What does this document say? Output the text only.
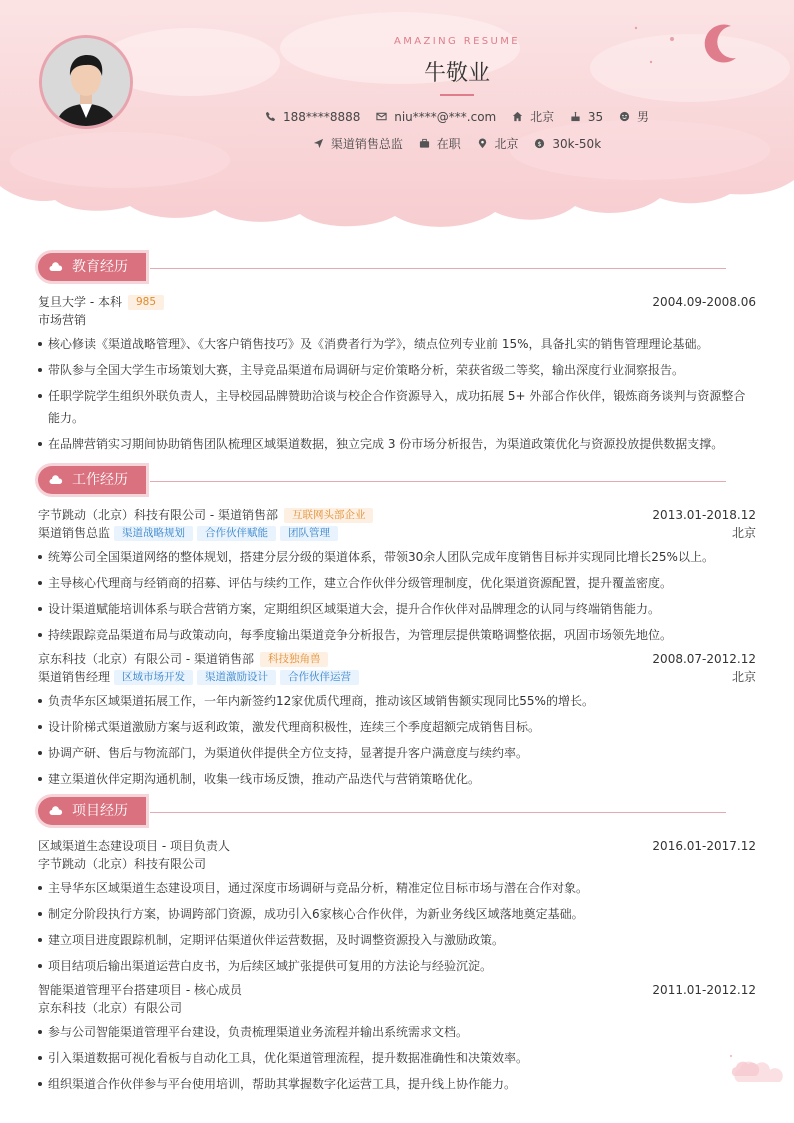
AMAZING RESUME
牛敬业
188****8888
	niu****@***.com
	北京
	35
	男
渠道销售总监
	在职
	北京
	$ 30k-50k
教育经历
复旦大学 - 本科 985	2004.09-2008.06
市场营销
核心修读《渠道战略管理》、《大客户销售技巧》及《消费者行为学》，绩点位列专业前 15%，具备扎实的销售管理理论基础。
带队参与全国大学生市场策划大赛，主导竞品渠道布局调研与定价策略分析，荣获省级二等奖，输出深度行业洞察报告。
任职学院学生组织外联负责人，主导校园品牌赞助洽谈与校企合作资源导入，成功拓展 5+ 外部合作伙伴，锻炼商务谈判与资源整合能力。
在品牌营销实习期间协助销售团队梳理区域渠道数据，独立完成 3 份市场分析报告，为渠道政策优化与资源投放提供数据支撑。
工作经历
字节跳动（北京）科技有限公司 - 渠道销售部 互联网头部企业	2013.01-2018.12
渠道销售总监 渠道战略规划 合作伙伴赋能 团队管理	北京
统筹公司全国渠道网络的整体规划，搭建分层分级的渠道体系，带领30余人团队完成年度销售目标并实现同比增长25%以上。
主导核心代理商与经销商的招募、评估与续约工作，建立合作伙伴分级管理制度，优化渠道资源配置，提升覆盖密度。
设计渠道赋能培训体系与联合营销方案，定期组织区域渠道大会，提升合作伙伴对品牌理念的认同与终端销售能力。
持续跟踪竞品渠道布局与政策动向，每季度输出渠道竞争分析报告，为管理层提供策略调整依据，巩固市场领先地位。
京东科技（北京）有限公司 - 渠道销售部 科技独角兽	2008.07-2012.12
渠道销售经理 区域市场开发 渠道激励设计 合作伙伴运营	北京
负责华东区域渠道拓展工作，一年内新签约12家优质代理商，推动该区域销售额实现同比55%的增长。
设计阶梯式渠道激励方案与返利政策，激发代理商积极性，连续三个季度超额完成销售目标。
协调产研、售后与物流部门，为渠道伙伴提供全方位支持，显著提升客户满意度与续约率。
建立渠道伙伴定期沟通机制，收集一线市场反馈，推动产品迭代与营销策略优化。
项目经历
区域渠道生态建设项目 - 项目负责人	2016.01-2017.12
字节跳动（北京）科技有限公司
主导华东区域渠道生态建设项目，通过深度市场调研与竞品分析，精准定位目标市场与潜在合作对象。
制定分阶段执行方案，协调跨部门资源，成功引入6家核心合作伙伴，为新业务线区域落地奠定基础。
建立项目进度跟踪机制，定期评估渠道伙伴运营数据，及时调整资源投入与激励政策。
项目结项后输出渠道运营白皮书，为后续区域扩张提供可复用的方法论与经验沉淀。
智能渠道管理平台搭建项目 - 核心成员	2011.01-2012.12
京东科技（北京）有限公司
参与公司智能渠道管理平台建设，负责梳理渠道业务流程并输出系统需求文档。
引入渠道数据可视化看板与自动化工具，优化渠道管理流程，提升数据准确性和决策效率。
组织渠道合作伙伴参与平台使用培训，帮助其掌握数字化运营工具，提升线上协作能力。
